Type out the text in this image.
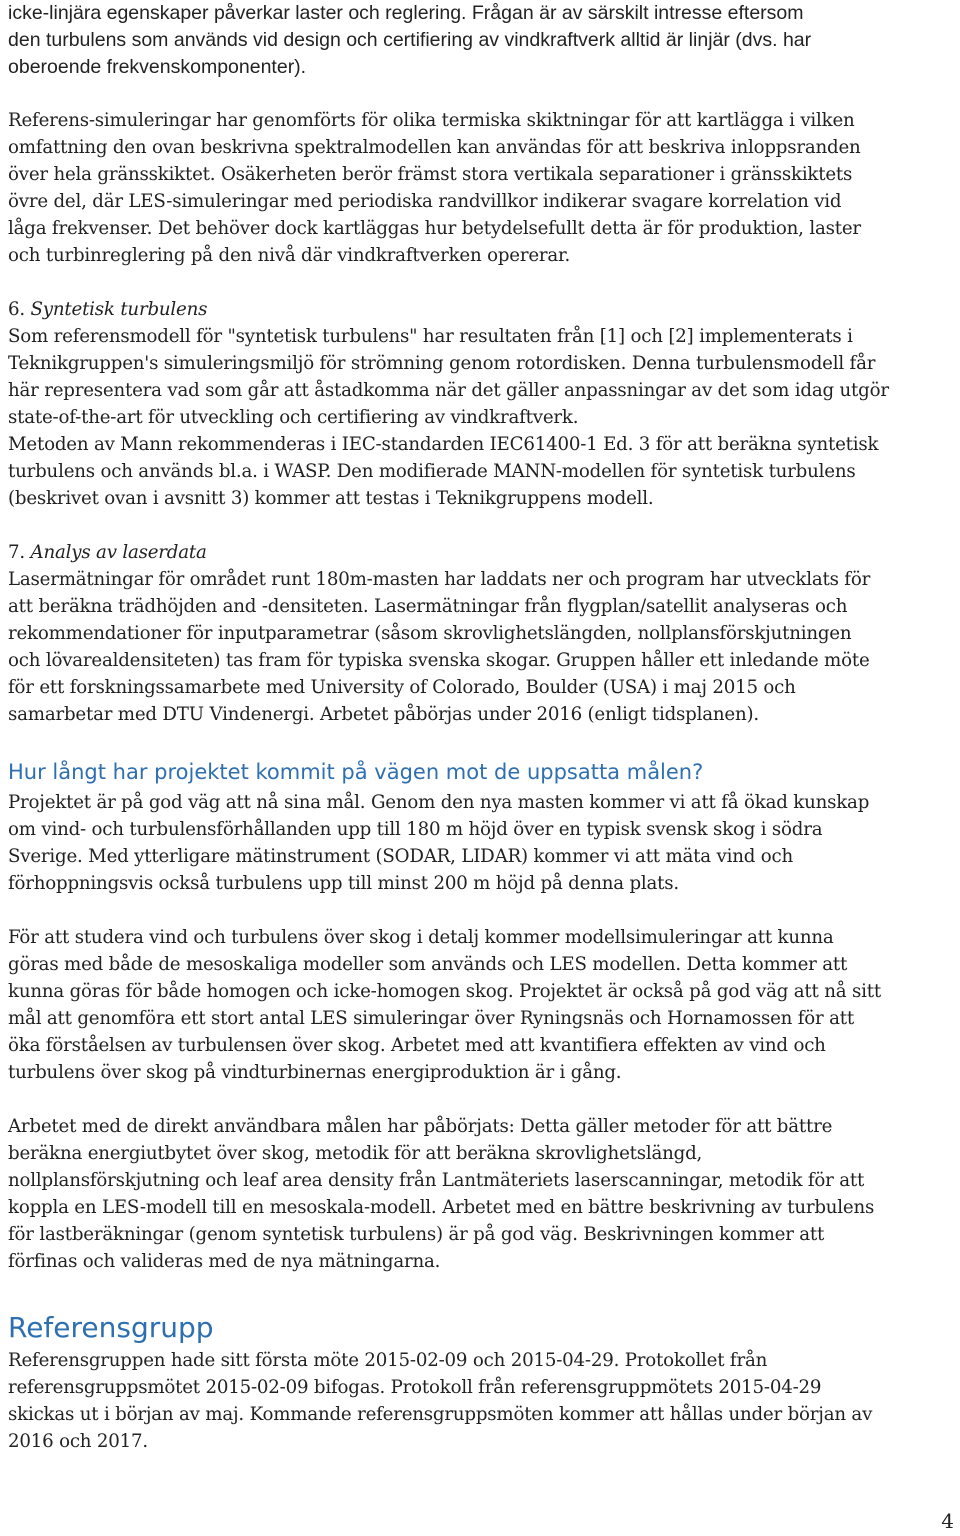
icke-linjära egenskaper påverkar laster och reglering. Frågan är av särskilt intresse eftersom
den turbulens som används vid design och certifiering av vindkraftverk alltid är linjär (dvs. har
oberoende frekvenskomponenter).
Referens-simuleringar har genomförts för olika termiska skiktningar för att kartlägga i vilken
omfattning den ovan beskrivna spektralmodellen kan användas för att beskriva inloppsranden
över hela gränsskiktet. Osäkerheten berör främst stora vertikala separationer i gränsskiktets
övre del, där LES-simuleringar med periodiska randvillkor indikerar svagare korrelation vid
låga frekvenser. Det behöver dock kartläggas hur betydelsefullt detta är för produktion, laster
och turbinreglering på den nivå där vindkraftverken opererar.
6. Syntetisk turbulens
Som referensmodell för "syntetisk turbulens" har resultaten från [1] och [2] implementerats i
Teknikgruppen's simuleringsmiljö för strömning genom rotordisken. Denna turbulensmodell får
här representera vad som går att åstadkomma när det gäller anpassningar av det som idag utgör
state-of-the-art för utveckling och certifiering av vindkraftverk.
Metoden av Mann rekommenderas i IEC-standarden IEC61400-1 Ed. 3 för att beräkna syntetisk
turbulens och används bl.a. i WASP. Den modifierade MANN-modellen för syntetisk turbulens
(beskrivet ovan i avsnitt 3) kommer att testas i Teknikgruppens modell.
7. Analys av laserdata
Lasermätningar för området runt 180m-masten har laddats ner och program har utvecklats för
att beräkna trädhöjden and -densiteten. Lasermätningar från flygplan/satellit analyseras och
rekommendationer för inputparametrar (såsom skrovlighetslängden, nollplansförskjutningen
och lövarealdensiteten) tas fram för typiska svenska skogar. Gruppen håller ett inledande möte
för ett forskningssamarbete med University of Colorado, Boulder (USA) i maj 2015 och
samarbetar med DTU Vindenergi. Arbetet påbörjas under 2016 (enligt tidsplanen).
Hur långt har projektet kommit på vägen mot de uppsatta målen?
Projektet är på god väg att nå sina mål. Genom den nya masten kommer vi att få ökad kunskap
om vind- och turbulensförhållanden upp till 180 m höjd över en typisk svensk skog i södra
Sverige. Med ytterligare mätinstrument (SODAR, LIDAR) kommer vi att mäta vind och
förhoppningsvis också turbulens upp till minst 200 m höjd på denna plats.
För att studera vind och turbulens över skog i detalj kommer modellsimuleringar att kunna
göras med både de mesoskaliga modeller som används och LES modellen. Detta kommer att
kunna göras för både homogen och icke-homogen skog. Projektet är också på god väg att nå sitt
mål att genomföra ett stort antal LES simuleringar över Ryningsnäs och Hornamossen för att
öka förståelsen av turbulensen över skog. Arbetet med att kvantifiera effekten av vind och
turbulens över skog på vindturbinernas energiproduktion är i gång.
Arbetet med de direkt användbara målen har påbörjats: Detta gäller metoder för att bättre
beräkna energiutbytet över skog, metodik för att beräkna skrovlighetslängd,
nollplansförskjutning och leaf area density från Lantmäteriets laserscanningar, metodik för att
koppla en LES-modell till en mesoskala-modell. Arbetet med en bättre beskrivning av turbulens
för lastberäkningar (genom syntetisk turbulens) är på god väg. Beskrivningen kommer att
förfinas och valideras med de nya mätningarna.
Referensgrupp
Referensgruppen hade sitt första möte 2015-02-09 och 2015-04-29. Protokollet från
referensgruppsmötet 2015-02-09 bifogas. Protokoll från referensgruppmötets 2015-04-29
skickas ut i början av maj. Kommande referensgruppsmöten kommer att hållas under början av
2016 och 2017.
4
